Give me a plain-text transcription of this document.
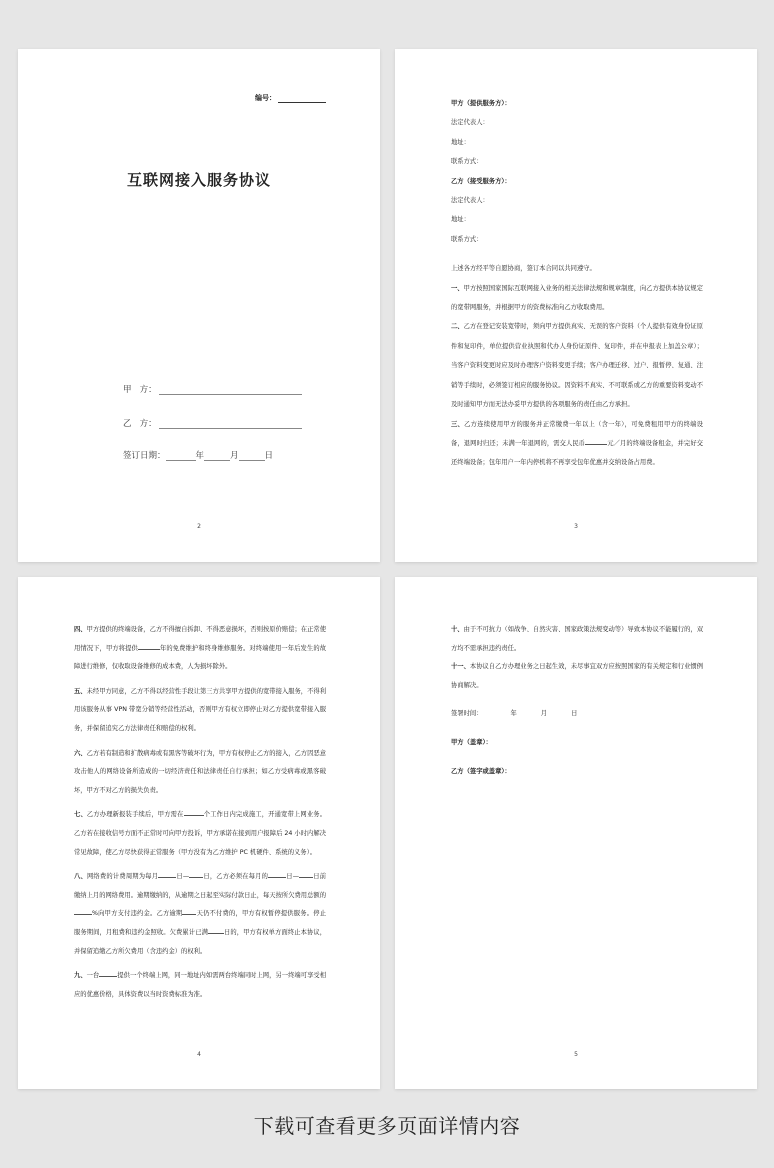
编号：
互联网接入服务协议
甲   方：
乙   方：
签订日期：	年	月	日
2

甲方（提供服务方）：

法定代表人：

地址：

联系方式：

乙方（接受服务方）：

法定代表人：

地址：

联系方式：

上述各方经平等自愿协商，签订本合同以共同遵守。

一、甲方按照国家国际互联网接入业务的相关法律法规和规章制度，向乙方提供本协议规定的宽带网服务，并根据甲方的资费标准向乙方收取费用。

二、乙方在登记安装宽带时，须向甲方提供真实、无误的客户资料（个人提供有效身份证原件和复印件，单位提供营业执照和代办人身份证原件、复印件，并在申报表上加盖公章）；当客户资料变更时应及时办理客户资料变更手续；客户办理迁移、过户、报暂停、复通、注销等手续时，必须签订相应的服务协议。因资料不真实、不可联系或乙方的重要资料变动不及时通知甲方而无法办妥甲方提供的各项服务的责任由乙方承担。

三、乙方连续使用甲方的服务并正常缴费一年以上（含一年），可免费租用甲方的终端设备，退网时归还；未满一年退网的，需交人民币	元／月的终端设备租金，并完好交还终端设备；包年用户一年内停机将不再享受包年优惠并交纳设备占用费。

3

四、甲方提供的终端设备，乙方不得擅自拆卸、不得恶意损坏，否则按原价赔偿；在正常使用情况下，甲方将提供	年的免费维护和终身维修服务。对终端使用一年后发生的故障进行维修，仅收取设备维修的成本费，人为损坏除外。

五、未经甲方同意，乙方不得以经营性手段让第三方共享甲方提供的宽带接入服务，不得利用该服务从事 VPN 带宽分销等经营性活动，否则甲方有权立即停止对乙方提供宽带接入服务，并保留追究乙方法律责任和赔偿的权利。

六、乙方若有制造和扩散病毒或有黑客等破坏行为，甲方有权停止乙方的接入，乙方因恶意攻击他人的网络设备所造成的一切经济责任和法律责任自行承担；如乙方受病毒或黑客破坏，甲方不对乙方的损失负责。

七、乙方办理新报装手续后，甲方需在	个工作日内完成施工，开通宽带上网业务。乙方若在接收信号方面不正常时可向甲方投诉，甲方承诺在接到用户报障后 24 小时内解决常见故障，使乙方尽快获得正常服务（甲方没有为乙方维护 PC 机硬件、系统的义务）。

八、网络费的计费周期为每月	日— 日，乙方必须在每月的	日— 日前缴纳上月的网络费用。逾期缴纳的，从逾期之日起至实际付款日止，每天按所欠费用总额的%向甲方支付违约金。乙方逾期 天仍不付费的，甲方有权暂停提供服务。停止服务期间，月租费和违约金照收。欠费累计已满	日的，甲方有权单方面终止本协议，并保留追缴乙方所欠费用（含违约金）的权利。

九、一台	提供一个终端上网，同一地址内如需两台终端同时上网，另一终端可享受相应的优惠价格，具体资费以当时资费标准为准。

4

十、由于不可抗力（如战争、自然灾害、国家政策法规变动等）导致本协议不能履行的，双方均不需承担违约责任。

十一、本协议自乙方办理业务之日起生效，未尽事宜双方应按照国家的有关规定和行业惯例协商解决。

签署时间：	年	月	日

甲方（盖章）：

乙方（签字或盖章）：

5
下载可查看更多页面详情内容
